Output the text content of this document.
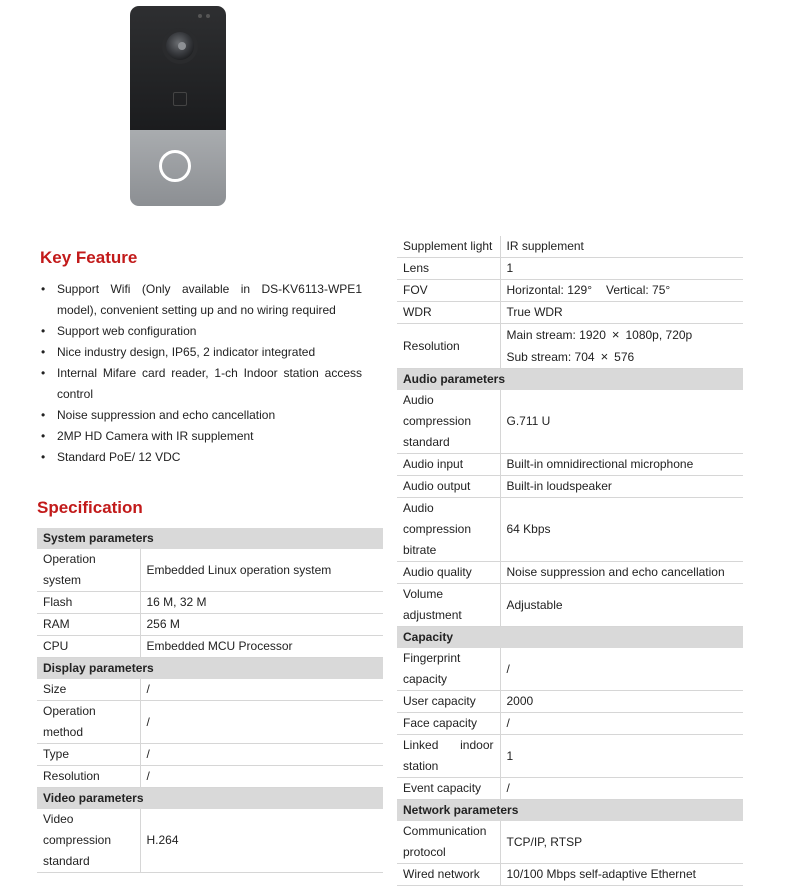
Key Feature
• Support Wifi (Only available in DS-KV6113-WPE1 model), convenient setting up and no wiring required
• Support web configuration
• Nice industry design, IP65, 2 indicator integrated
• Internal Mifare card reader, 1-ch Indoor station access control
• Noise suppression and echo cancellation
• 2MP HD Camera with IR supplement
• Standard PoE/ 12 VDC
Specification
System parameters	
Operation system	Embedded Linux operation system
Flash	16 M, 32 M
RAM	256 M
CPU	Embedded MCU Processor
Display parameters	
Size	/
Operation method	/
Type	/
Resolution	/
Video parameters	
Video compression standard	H.264
Supplement light	IR supplement
Lens	1
FOV	Horizontal: 129° Vertical: 75°
WDR	True WDR
Resolution	Main stream: 1920 × 1080p, 720p
Sub stream: 704 × 576

Audio parameters	
Audio compression standard	G.711 U
Audio input	Built-in omnidirectional microphone
Audio output	Built-in loudspeaker
Audio compression bitrate	64 Kbps
Audio quality	Noise suppression and echo cancellation
Volume adjustment	Adjustable
Capacity	
Fingerprint capacity	/
User capacity	2000
Face capacity	/
Linked indoor station	1
Event capacity	/
Network parameters	
Communication protocol	TCP/IP, RTSP
Wired network	10/100 Mbps self-adaptive Ethernet
